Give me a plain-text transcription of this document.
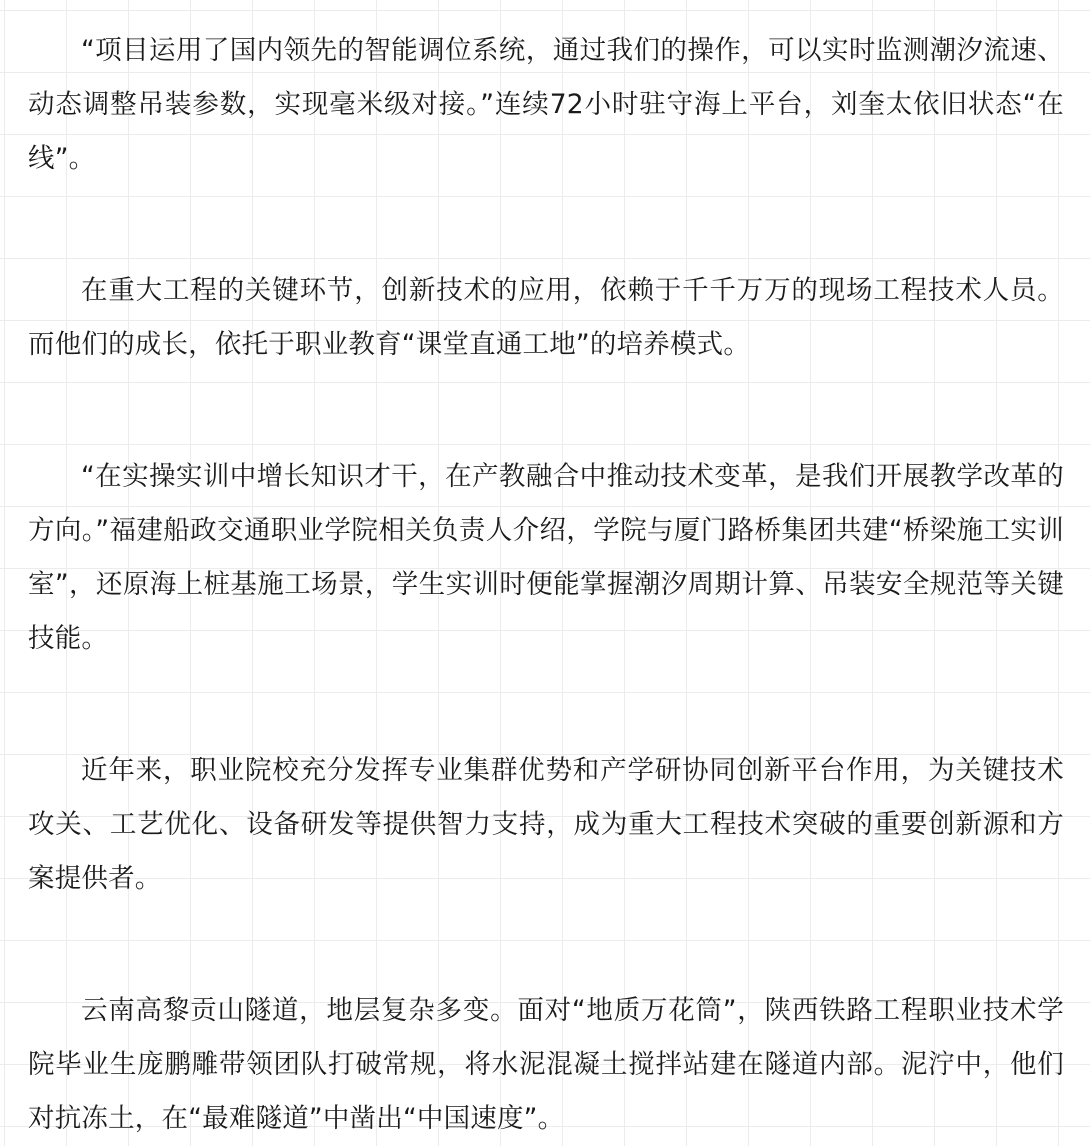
“项目运用了国内领先的智能调位系统，通过我们的操作，可以实时监测潮汐流速、动态调整吊装参数，实现毫米级对接。”连续72小时驻守海上平台，刘奎太依旧状态“在线”。

在重大工程的关键环节，创新技术的应用，依赖于千千万万的现场工程技术人员。而他们的成长，依托于职业教育“课堂直通工地”的培养模式。

“在实操实训中增长知识才干，在产教融合中推动技术变革，是我们开展教学改革的方向。”福建船政交通职业学院相关负责人介绍，学院与厦门路桥集团共建“桥梁施工实训室”，还原海上桩基施工场景，学生实训时便能掌握潮汐周期计算、吊装安全规范等关键技能。

近年来，职业院校充分发挥专业集群优势和产学研协同创新平台作用，为关键技术攻关、工艺优化、设备研发等提供智力支持，成为重大工程技术突破的重要创新源和方案提供者。

云南高黎贡山隧道，地层复杂多变。面对“地质万花筒”，陕西铁路工程职业技术学院毕业生庞鹏雕带领团队打破常规，将水泥混凝土搅拌站建在隧道内部。泥泞中，他们对抗冻土，在“最难隧道”中凿出“中国速度”。
